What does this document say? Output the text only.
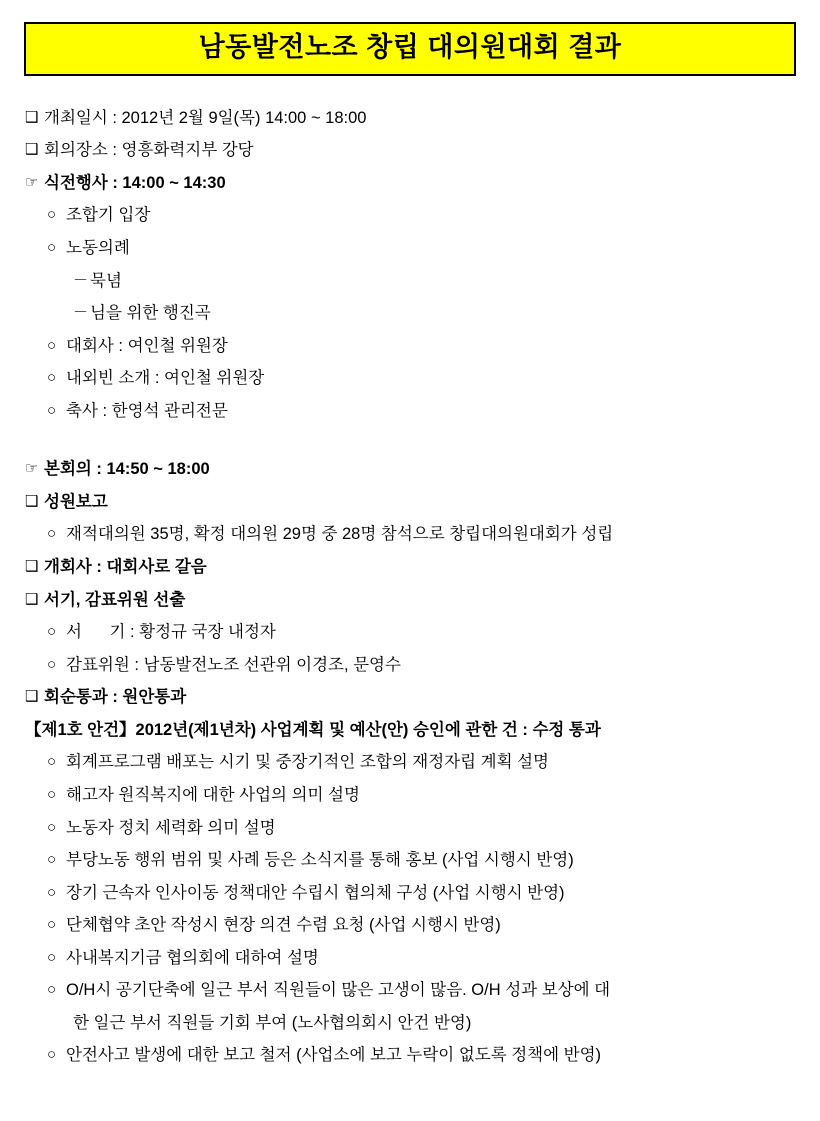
남동발전노조 창립 대의원대회 결과
❑ 개최일시 : 2012년 2월 9일(목) 14:00 ~ 18:00
❑ 회의장소 : 영흥화력지부 강당
☞ 식전행사 : 14:00 ~ 14:30
○ 조합기 입장
○ 노동의례
－ 묵념
－ 님을 위한 행진곡
○ 대회사 : 여인철 위원장
○ 내외빈 소개 : 여인철 위원장
○ 축사 : 한영석 관리전문
☞ 본회의 : 14:50 ~ 18:00
❑ 성원보고
○ 재적대의원 35명, 확정 대의원 29명 중 28명 참석으로 창립대의원대회가 성립
❑ 개회사 : 대회사로 갈음
❑ 서기, 감표위원 선출
○ 서      기 : 황정규 국장 내정자
○ 감표위원 : 남동발전노조 선관위 이경조, 문영수
❑ 회순통과 : 원안통과
【제1호 안건】2012년(제1년차) 사업계획 및 예산(안) 승인에 관한 건 : 수정 통과
○ 회계프로그램 배포는 시기 및 중장기적인 조합의 재정자립 계획 설명
○ 해고자 원직복지에 대한 사업의 의미 설명
○ 노동자 정치 세력화 의미 설명
○ 부당노동 행위 범위 및 사례 등은 소식지를 통해 홍보 (사업 시행시 반영)
○ 장기 근속자 인사이동 정책대안 수립시 협의체 구성 (사업 시행시 반영)
○ 단체협약 초안 작성시 현장 의견 수렴 요청 (사업 시행시 반영)
○ 사내복지기금 협의회에 대하여 설명
○ O/H시 공기단축에 일근 부서 직원들이 많은 고생이 많음. O/H 성과 보상에 대
한 일근 부서 직원들 기회 부여 (노사협의회시 안건 반영)
○ 안전사고 발생에 대한 보고 철저 (사업소에 보고 누락이 없도록 정책에 반영)
